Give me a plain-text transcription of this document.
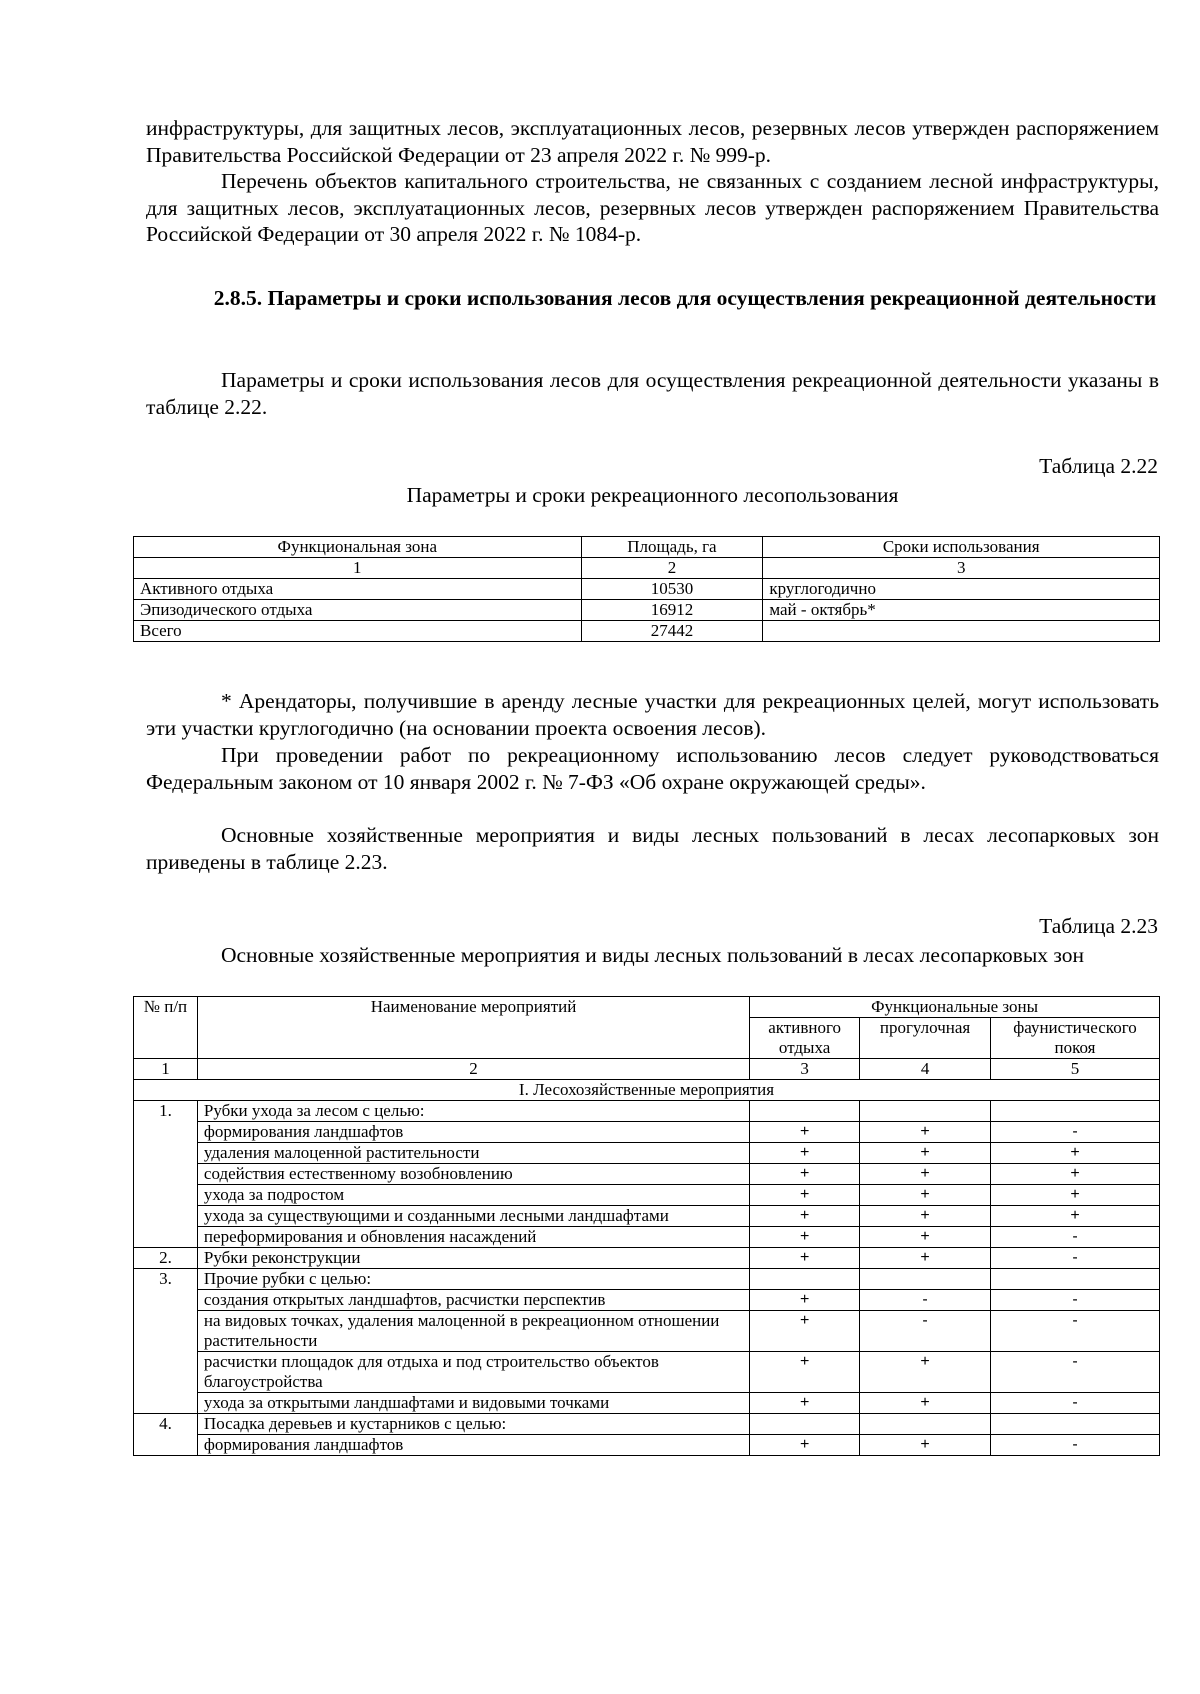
инфраструктуры, для защитных лесов, эксплуатационных лесов, резервных лесов утвержден распоряжением Правительства Российской Федерации от 23 апреля 2022 г. № 999-р.

Перечень объектов капитального строительства, не связанных с созданием лесной инфраструктуры, для защитных лесов, эксплуатационных лесов, резервных лесов утвержден распоряжением Правительства Российской Федерации от 30 апреля 2022 г. № 1084-р.

2.8.5. Параметры и сроки использования лесов для осуществления рекреационной деятельности

Параметры и сроки использования лесов для осуществления рекреационной деятельности указаны в таблице 2.22.

Таблица 2.22

Параметры и сроки рекреационного лесопользования

Функциональная зона	Площадь, га	Сроки использования
1	2	3
Активного отдыха	10530	круглогодично
Эпизодического отдыха	16912	май - октябрь*
Всего	27442	

* Арендаторы, получившие в аренду лесные участки для рекреационных целей, могут использовать эти участки круглогодично (на основании проекта освоения лесов).

При проведении работ по рекреационному использованию лесов следует руководствоваться Федеральным законом от 10 января 2002 г. № 7-ФЗ «Об охране окружающей среды».

Основные хозяйственные мероприятия и виды лесных пользований в лесах лесопарковых зон приведены в таблице 2.23.

Таблица 2.23

Основные хозяйственные мероприятия и виды лесных пользований в лесах лесопарковых зон

№ п/п	Наименование мероприятий	Функциональные зоны		
		активного отдыха	прогулочная	фаунистического покоя
1	2	3	4	5
I. Лесохозяйственные мероприятия				
1.	Рубки ухода за лесом с целью:			
	формирования ландшафтов	+	+	-
	удаления малоценной растительности	+	+	+
	содействия естественному возобновлению	+	+	+
	ухода за подростом	+	+	+
	ухода за существующими и созданными лесными ландшафтами	+	+	+
	переформирования и обновления насаждений	+	+	-
2.	Рубки реконструкции	+	+	-
3.	Прочие рубки с целью:			
	создания открытых ландшафтов, расчистки перспектив	+	-	-
	на видовых точках, удаления малоценной в рекреационном отношении растительности	+	-	-
	расчистки площадок для отдыха и под строительство объектов благоустройства	+	+	-
	ухода за открытыми ландшафтами и видовыми точками	+	+	-
4.	Посадка деревьев и кустарников с целью:			
	формирования ландшафтов	+	+	-
